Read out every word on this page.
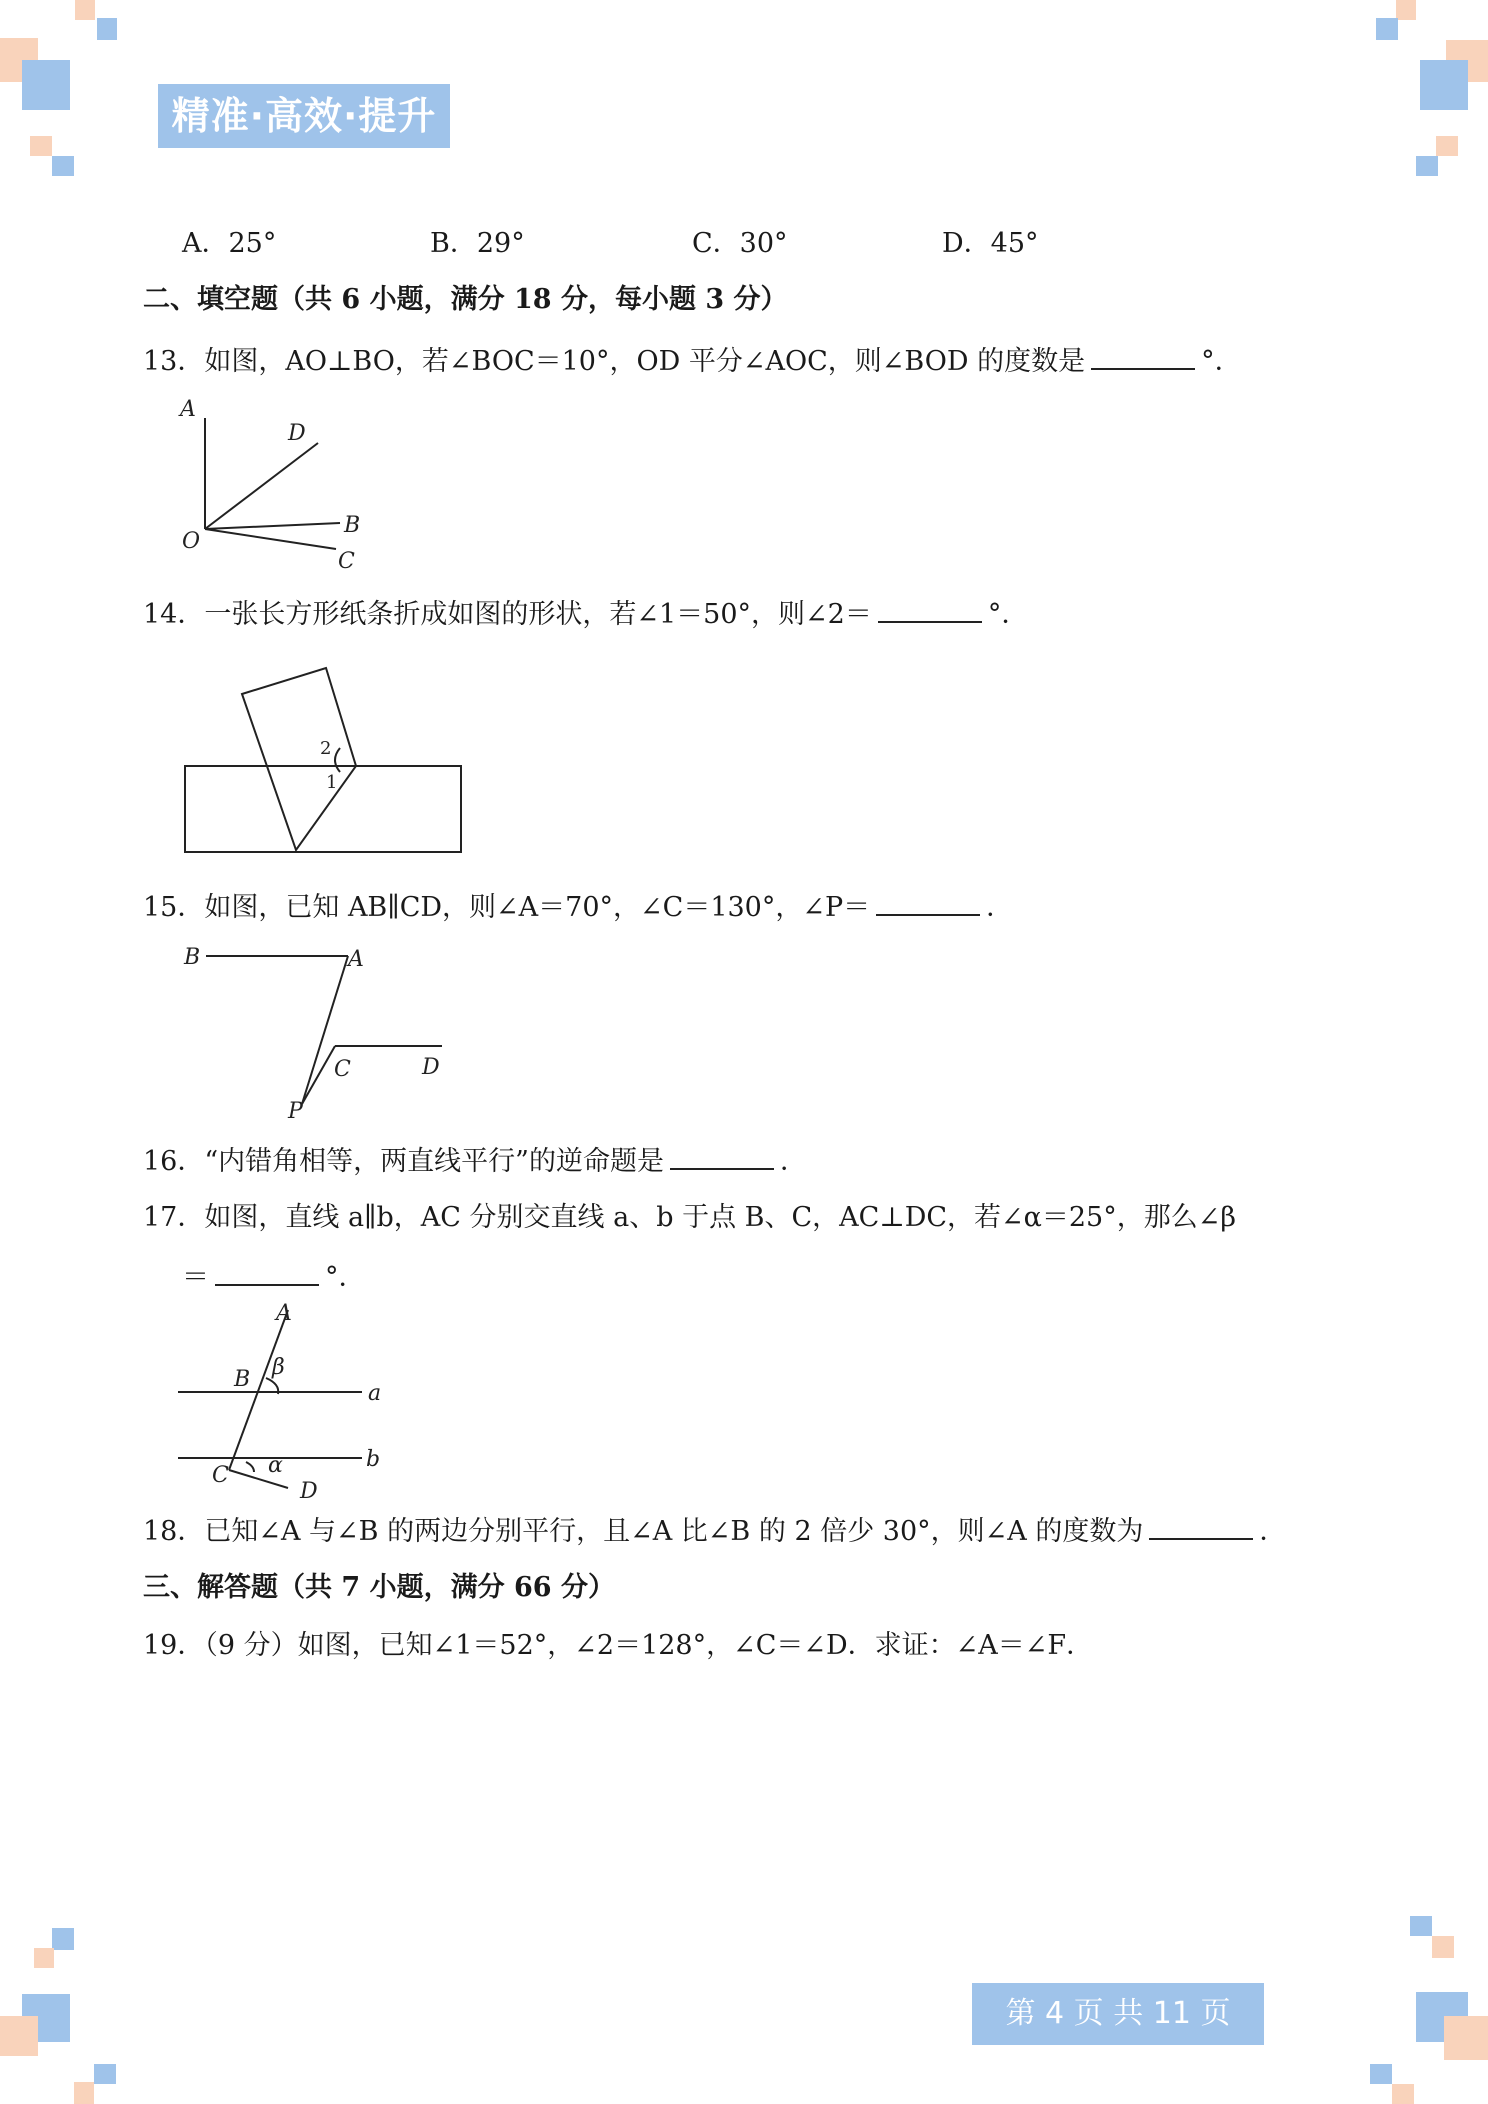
精准·高效·提升
A．25°	B．29°	C．30°	D．45°
二、填空题（共 6 小题，满分 18 分，每小题 3 分）
13．如图，AO⊥BO，若∠BOC＝10°，OD 平分∠AOC，则∠BOD 的度数是	°．
A
D
B
O
C
14．一张长方形纸条折成如图的形状，若∠1＝50°，则∠2＝	°．
2
1
15．如图，已知 AB∥CD，则∠A＝70°，∠C＝130°，∠P＝	．
B	A
C	D
P
16．“内错角相等，两直线平行”的逆命题是	．
17．如图，直线 a∥b，AC 分别交直线 a、b 于点 B、C，AC⊥DC，若∠α＝25°，那么∠β
＝	°．
A
B β
a
C α	b
D
18．已知∠A 与∠B 的两边分别平行，且∠A 比∠B 的 2 倍少 30°，则∠A 的度数为	．
三、解答题（共 7 小题，满分 66 分）
19．（9 分）如图，已知∠1＝52°，∠2＝128°，∠C＝∠D．求证：∠A＝∠F．
第 4 页 共 11 页
